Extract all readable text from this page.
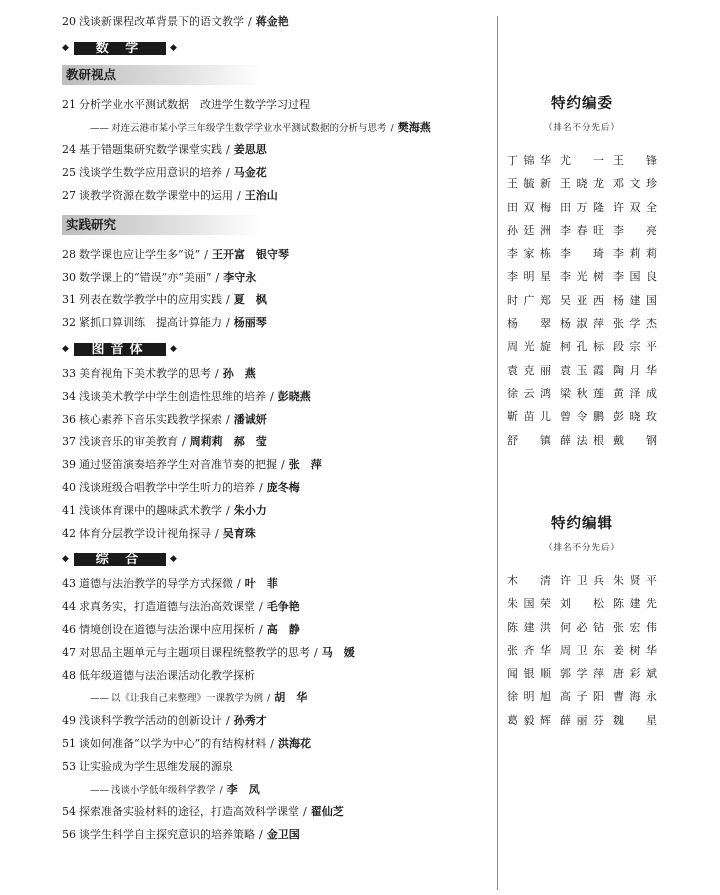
20 浅谈新课程改革背景下的语文教学 / 蒋金艳
◆	数 学	◆
教研视点
21 分析学业水平测试数据　改进学生数学学习过程
—— 对连云港市某小学三年级学生数学学业水平测试数据的分析与思考 / 樊海燕
24 基于错题集研究数学课堂实践 / 姜思思
25 浅谈学生数学应用意识的培养 / 马金花
27 谈教学资源在数学课堂中的运用 / 王治山
实践研究
28 数学课也应让学生多“说” / 王开富　银守琴
30 数学课上的“错误”亦“美丽” / 李守永
31 列表在数学教学中的应用实践 / 夏　枫
32 紧抓口算训练　提高计算能力 / 杨丽琴
◆	图音体	◆
33 美育视角下美术教学的思考 / 孙　燕
34 浅谈美术教学中学生创造性思维的培养 / 彭晓燕
36 核心素养下音乐实践教学探索 / 潘诚妍
37 浅谈音乐的审美教育 / 周莉莉　郝　莹
39 通过竖笛演奏培养学生对音准节奏的把握 / 张　萍
40 浅谈班级合唱教学中学生听力的培养 / 庞冬梅
41 浅谈体育课中的趣味武术教学 / 朱小力
42 体育分层教学设计视角探寻 / 吴育珠
◆	综 合	◆
43 道德与法治教学的导学方式探微 / 叶　菲
44 求真务实，打造道德与法治高效课堂 / 毛争艳
46 情境创设在道德与法治课中应用探析 / 高　静
47 对思品主题单元与主题项目课程统整教学的思考 / 马　媛
48 低年级道德与法治课活动化教学探析
—— 以《让我自己来整理》一课教学为例 / 胡　华
49 浅谈科学教学活动的创新设计 / 孙秀才
51 谈如何准备“以学为中心”的有结构材料 / 洪海花
53 让实验成为学生思维发展的源泉
—— 浅谈小学低年级科学教学 / 李　凤
54 探索准备实验材料的途径，打造高效科学课堂 / 翟仙芝
56 谈学生科学自主探究意识的培养策略 / 金卫国
特约编委
（排名不分先后）
丁锦华 尤　一 王　锋
王毓新 王晓龙 邓文珍
田双梅 田万隆 许双全
孙廷洲 李春旺 李　亮
李家栋 李　琦 李莉莉
李明星 李光树 李国良
时广郑 吴亚西 杨建国
杨　翠 杨淑萍 张学杰
周光旋 柯孔标 段宗平
袁克丽 袁玉霞 陶月华
徐云鸿 梁秋莲 黄泽成
靳苗儿 曾令鹏 彭晓玫
舒　镇 薛法根 戴　钢
特约编辑
（排名不分先后）
木　清 许卫兵 朱贤平
朱国荣 刘　松 陈建先
陈建洪 何必钻 张宏伟
张齐华 周卫东 姜树华
闻银顺 郭学萍 唐彩斌
徐明旭 高子阳 曹海永
葛毅辉 薛丽芬 魏　星
